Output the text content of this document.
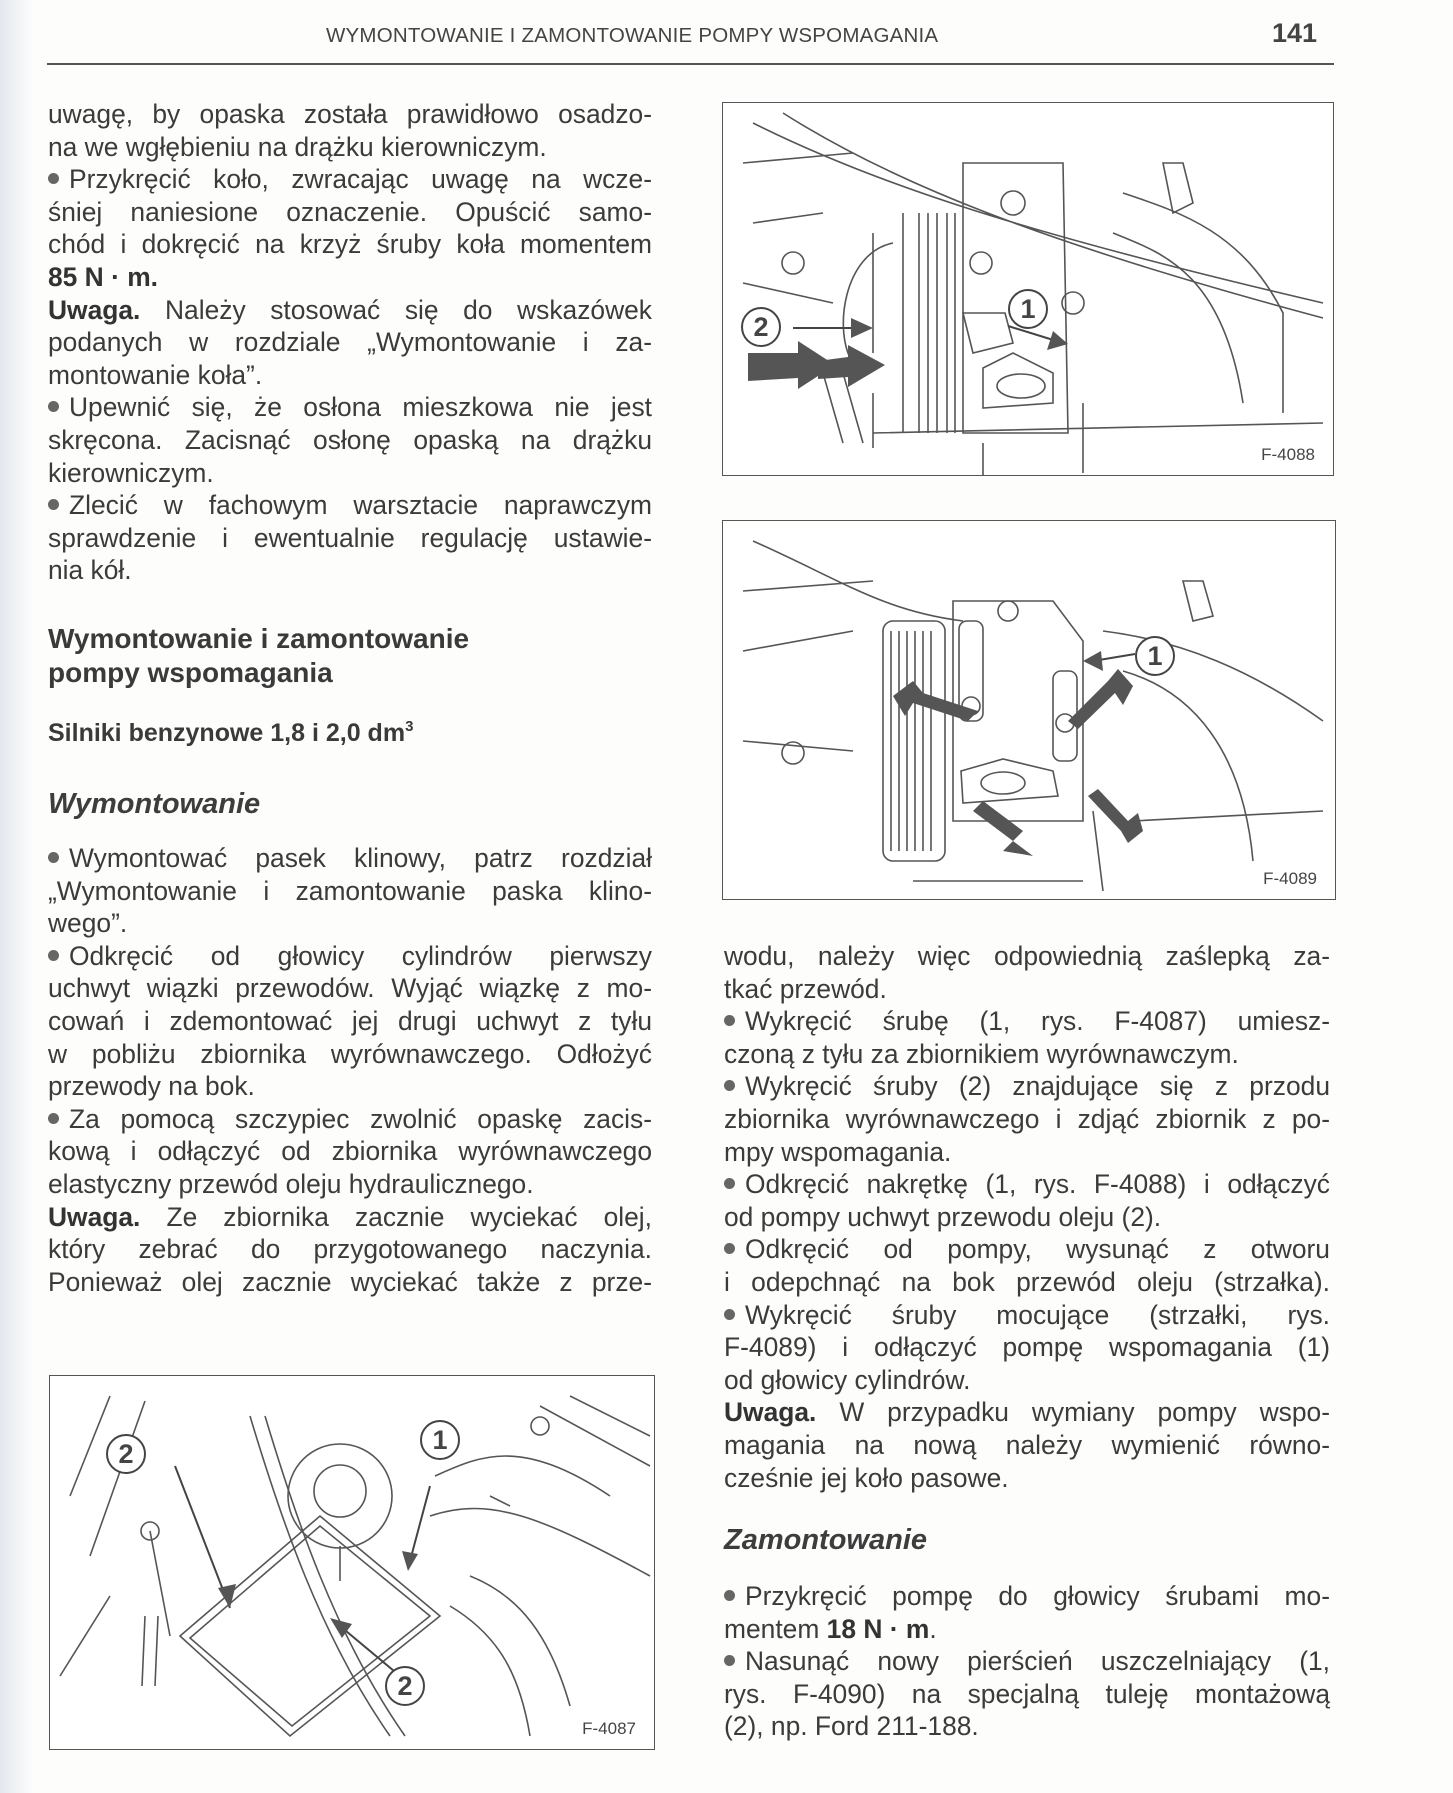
WYMONTOWANIE I ZAMONTOWANIE POMPY WSPOMAGANIA	141

uwagę, by opaska została prawidłowo osadzo-

na we wgłębieniu na drążku kierowniczym.

Przykręcić koło, zwracając uwagę na wcze-

śniej naniesione oznaczenie. Opuścić samo-

chód i dokręcić na krzyż śruby koła momentem

85 N · m.

Uwaga. Należy stosować się do wskazówek

podanych w rozdziale „Wymontowanie i za-

montowanie koła”.

Upewnić się, że osłona mieszkowa nie jest

skręcona. Zacisnąć osłonę opaską na drążku

kierowniczym.

Zlecić w fachowym warsztacie naprawczym

sprawdzenie i ewentualnie regulację ustawie-

nia kół.

Wymontowanie i zamontowanie
pompy wspomagania
Silniki benzynowe 1,8 i 2,0 $dm^3$
Wymontowanie

Wymontować pasek klinowy, patrz rozdział

„Wymontowanie i zamontowanie paska klino-

wego”.

Odkręcić od głowicy cylindrów pierwszy

uchwyt wiązki przewodów. Wyjąć wiązkę z mo-

cowań i zdemontować jej drugi uchwyt z tyłu

w pobliżu zbiornika wyrównawczego. Odłożyć

przewody na bok.

Za pomocą szczypiec zwolnić opaskę zacis-

kową i odłączyć od zbiornika wyrównawczego

elastyczny przewód oleju hydraulicznego.

Uwaga. Ze zbiornika zacznie wyciekać olej,

który zebrać do przygotowanego naczynia.

Ponieważ olej zacznie wyciekać także z prze-

2	1
2
F-4087
2
1
F-4088
1
F-4089

wodu, należy więc odpowiednią zaślepką za-

tkać przewód.

Wykręcić śrubę (1, rys. F-4087) umiesz-

czoną z tyłu za zbiornikiem wyrównawczym.

Wykręcić śruby (2) znajdujące się z przodu

zbiornika wyrównawczego i zdjąć zbiornik z po-

mpy wspomagania.

Odkręcić nakrętkę (1, rys. F-4088) i odłączyć

od pompy uchwyt przewodu oleju (2).

Odkręcić od pompy, wysunąć z otworu

i odepchnąć na bok przewód oleju (strzałka).

Wykręcić śruby mocujące (strzałki, rys.

F-4089) i odłączyć pompę wspomagania (1)

od głowicy cylindrów.

Uwaga. W przypadku wymiany pompy wspo-

magania na nową należy wymienić równo-

cześnie jej koło pasowe.

Zamontowanie

Przykręcić pompę do głowicy śrubami mo-

mentem 18 N · m.

Nasunąć nowy pierścień uszczelniający (1,

rys. F-4090) na specjalną tuleję montażową

(2), np. Ford 211-188.
